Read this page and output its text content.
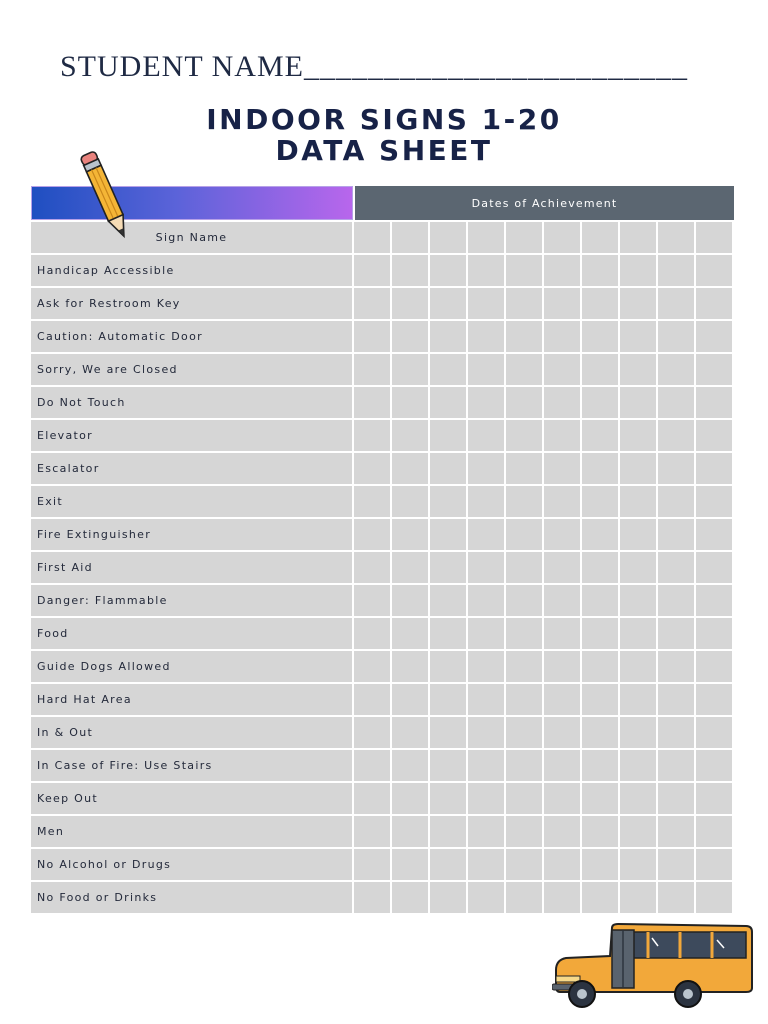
STUDENT NAME________________________
INDOOR SIGNS 1-20
DATA SHEET
Dates of Achievement
Sign Name
Handicap Accessible
Ask for Restroom Key
Caution: Automatic Door
Sorry, We are Closed
Do Not Touch
Elevator
Escalator
Exit
Fire Extinguisher
First Aid
Danger: Flammable
Food
Guide Dogs Allowed
Hard Hat Area
In & Out
In Case of Fire: Use Stairs
Keep Out
Men
No Alcohol or Drugs
No Food or Drinks
